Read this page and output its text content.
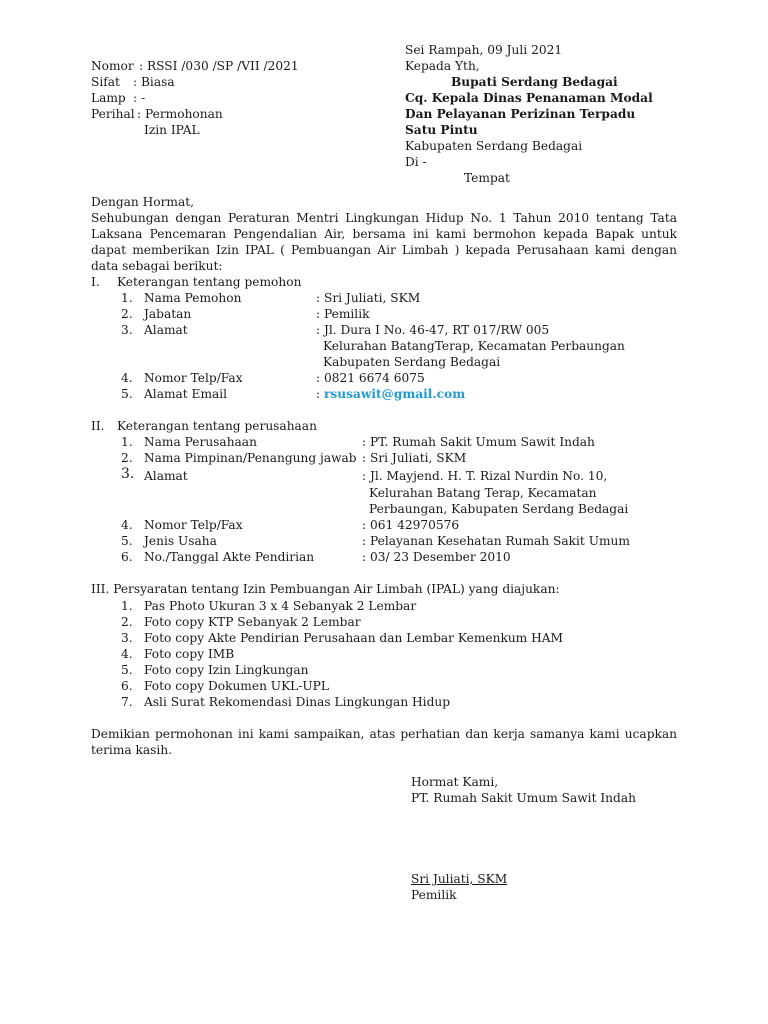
Sei Rampah, 09 Juli 2021
Kepada Yth,
Bupati Serdang Bedagai
Cq. Kepala Dinas Penanaman Modal
Dan Pelayanan Perizinan Terpadu
Satu Pintu
Kabupaten Serdang Bedagai
Di -
Tempat
Nomor : RSSI /030 /SP /VII /2021
Sifat : Biasa
Lamp : -
Perihal : Permohonan
Izin IPAL
Dengan Hormat,
Sehubungan dengan Peraturan Mentri Lingkungan Hidup No. 1 Tahun 2010 tentang Tata Laksana Pencemaran Pengendalian Air, bersama ini kami bermohon kepada Bapak untuk dapat memberikan Izin IPAL ( Pembuangan Air Limbah ) kepada Perusahaan kami dengan data sebagai berikut:
I. Keterangan tentang pemohon
1. Nama Pemohon	: Sri Juliati, SKM
2. Jabatan	: Pemilik
3. Alamat	: Jl. Dura I No. 46-47, RT 017/RW 005
Kelurahan BatangTerap, Kecamatan Perbaungan
Kabupaten Serdang Bedagai
4. Nomor Telp/Fax	: 0821 6674 6075
5. Alamat Email	: rsusawit@gmail.com
II. Keterangan tentang perusahaan
1. Nama Perusahaan	: PT. Rumah Sakit Umum Sawit Indah
2. Nama Pimpinan/Penangung jawab : Sri Juliati, SKM
3. Alamat	: Jl. Mayjend. H. T. Rizal Nurdin No. 10,
Kelurahan Batang Terap, Kecamatan
Perbaungan, Kabupaten Serdang Bedagai
4. Nomor Telp/Fax	: 061 42970576
5. Jenis Usaha	: Pelayanan Kesehatan Rumah Sakit Umum
6. No./Tanggal Akte Pendirian	: 03/ 23 Desember 2010
III. Persyaratan tentang Izin Pembuangan Air Limbah (IPAL) yang diajukan:
1. Pas Photo Ukuran 3 x 4 Sebanyak 2 Lembar
2. Foto copy KTP Sebanyak 2 Lembar
3. Foto copy Akte Pendirian Perusahaan dan Lembar Kemenkum HAM
4. Foto copy IMB
5. Foto copy Izin Lingkungan
6. Foto copy Dokumen UKL-UPL
7. Asli Surat Rekomendasi Dinas Lingkungan Hidup
Demikian permohonan ini kami sampaikan, atas perhatian dan kerja samanya kami ucapkan terima kasih.
Hormat Kami,
PT. Rumah Sakit Umum Sawit Indah
Sri Juliati, SKM
Pemilik
